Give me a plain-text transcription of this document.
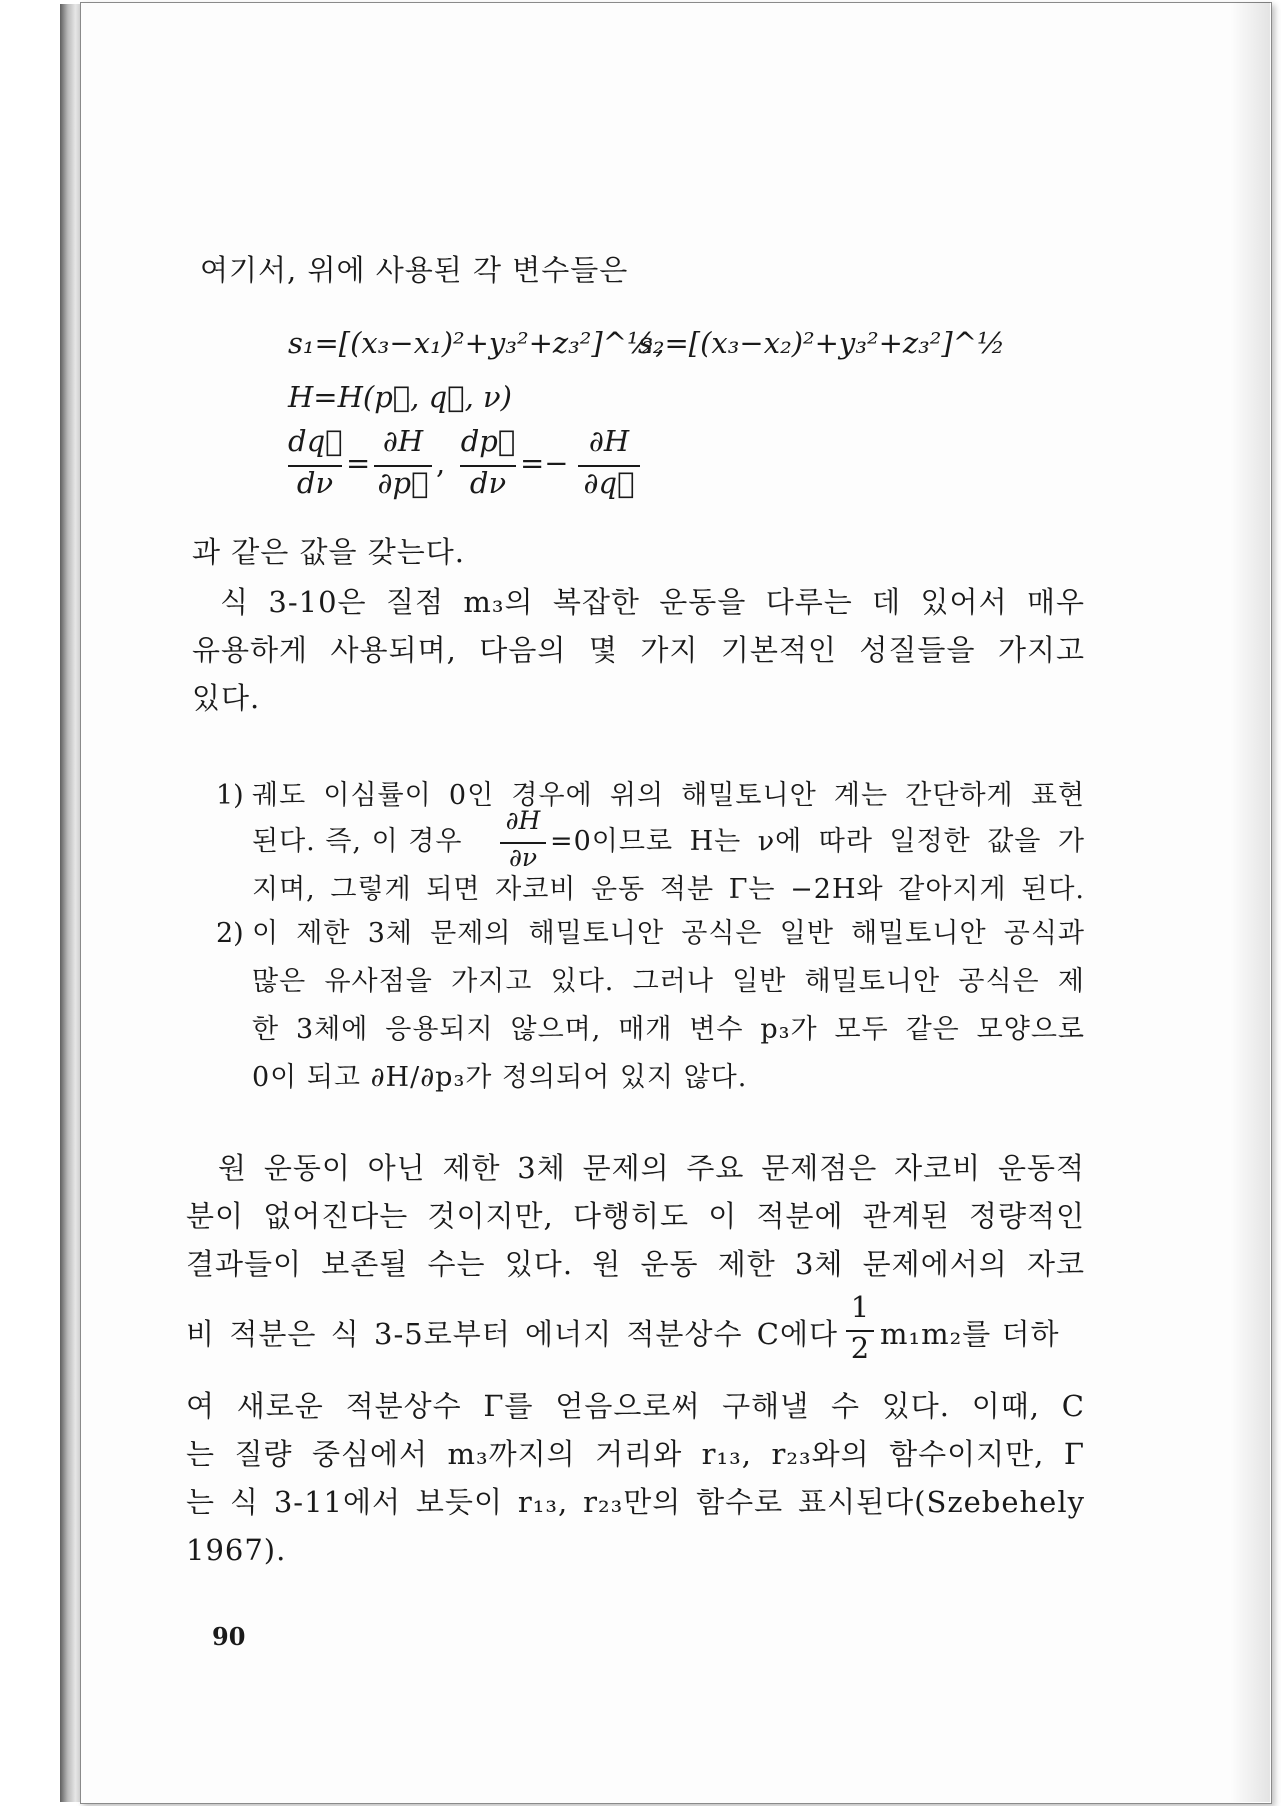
여기서, 위에 사용된 각 변수들은
s₁=[(x₃−x₁)²+y₃²+z₃²]^½,
s₂=[(x₃−x₂)²+y₃²+z₃²]^½
H=H(p⃗, q⃗, ν)
dq⃗
dν
=
∂H
∂p⃗
,
dp⃗
dν
=−
∂H
∂q⃗
과 같은 값을 갖는다.
식 3-10은 질점 m₃의 복잡한 운동을 다루는 데 있어서 매우
유용하게 사용되며, 다음의 몇 가지 기본적인 성질들을 가지고
있다.
1) 궤도 이심률이 0인 경우에 위의 해밀토니안 계는 간단하게 표현
된다. 즉, 이 경우
∂H
∂ν
=0이므로 H는 ν에 따라 일정한 값을 가
지며, 그렇게 되면 자코비 운동 적분 Γ는 −2H와 같아지게 된다.
2) 이 제한 3체 문제의 해밀토니안 공식은 일반 해밀토니안 공식과
많은 유사점을 가지고 있다. 그러나 일반 해밀토니안 공식은 제
한 3체에 응용되지 않으며, 매개 변수 p₃가 모두 같은 모양으로
0이 되고 ∂H/∂p₃가 정의되어 있지 않다.
원 운동이 아닌 제한 3체 문제의 주요 문제점은 자코비 운동적
분이 없어진다는 것이지만, 다행히도 이 적분에 관계된 정량적인
결과들이 보존될 수는 있다. 원 운동 제한 3체 문제에서의 자코
비 적분은 식 3-5로부터 에너지 적분상수 C에다
1
2 m₁m₂를 더하
여 새로운 적분상수 Γ를 얻음으로써 구해낼 수 있다. 이때, C
는 질량 중심에서 m₃까지의 거리와 r₁₃, r₂₃와의 함수이지만, Γ
는 식 3-11에서 보듯이 r₁₃, r₂₃만의 함수로 표시된다(Szebehely
1967).
90
